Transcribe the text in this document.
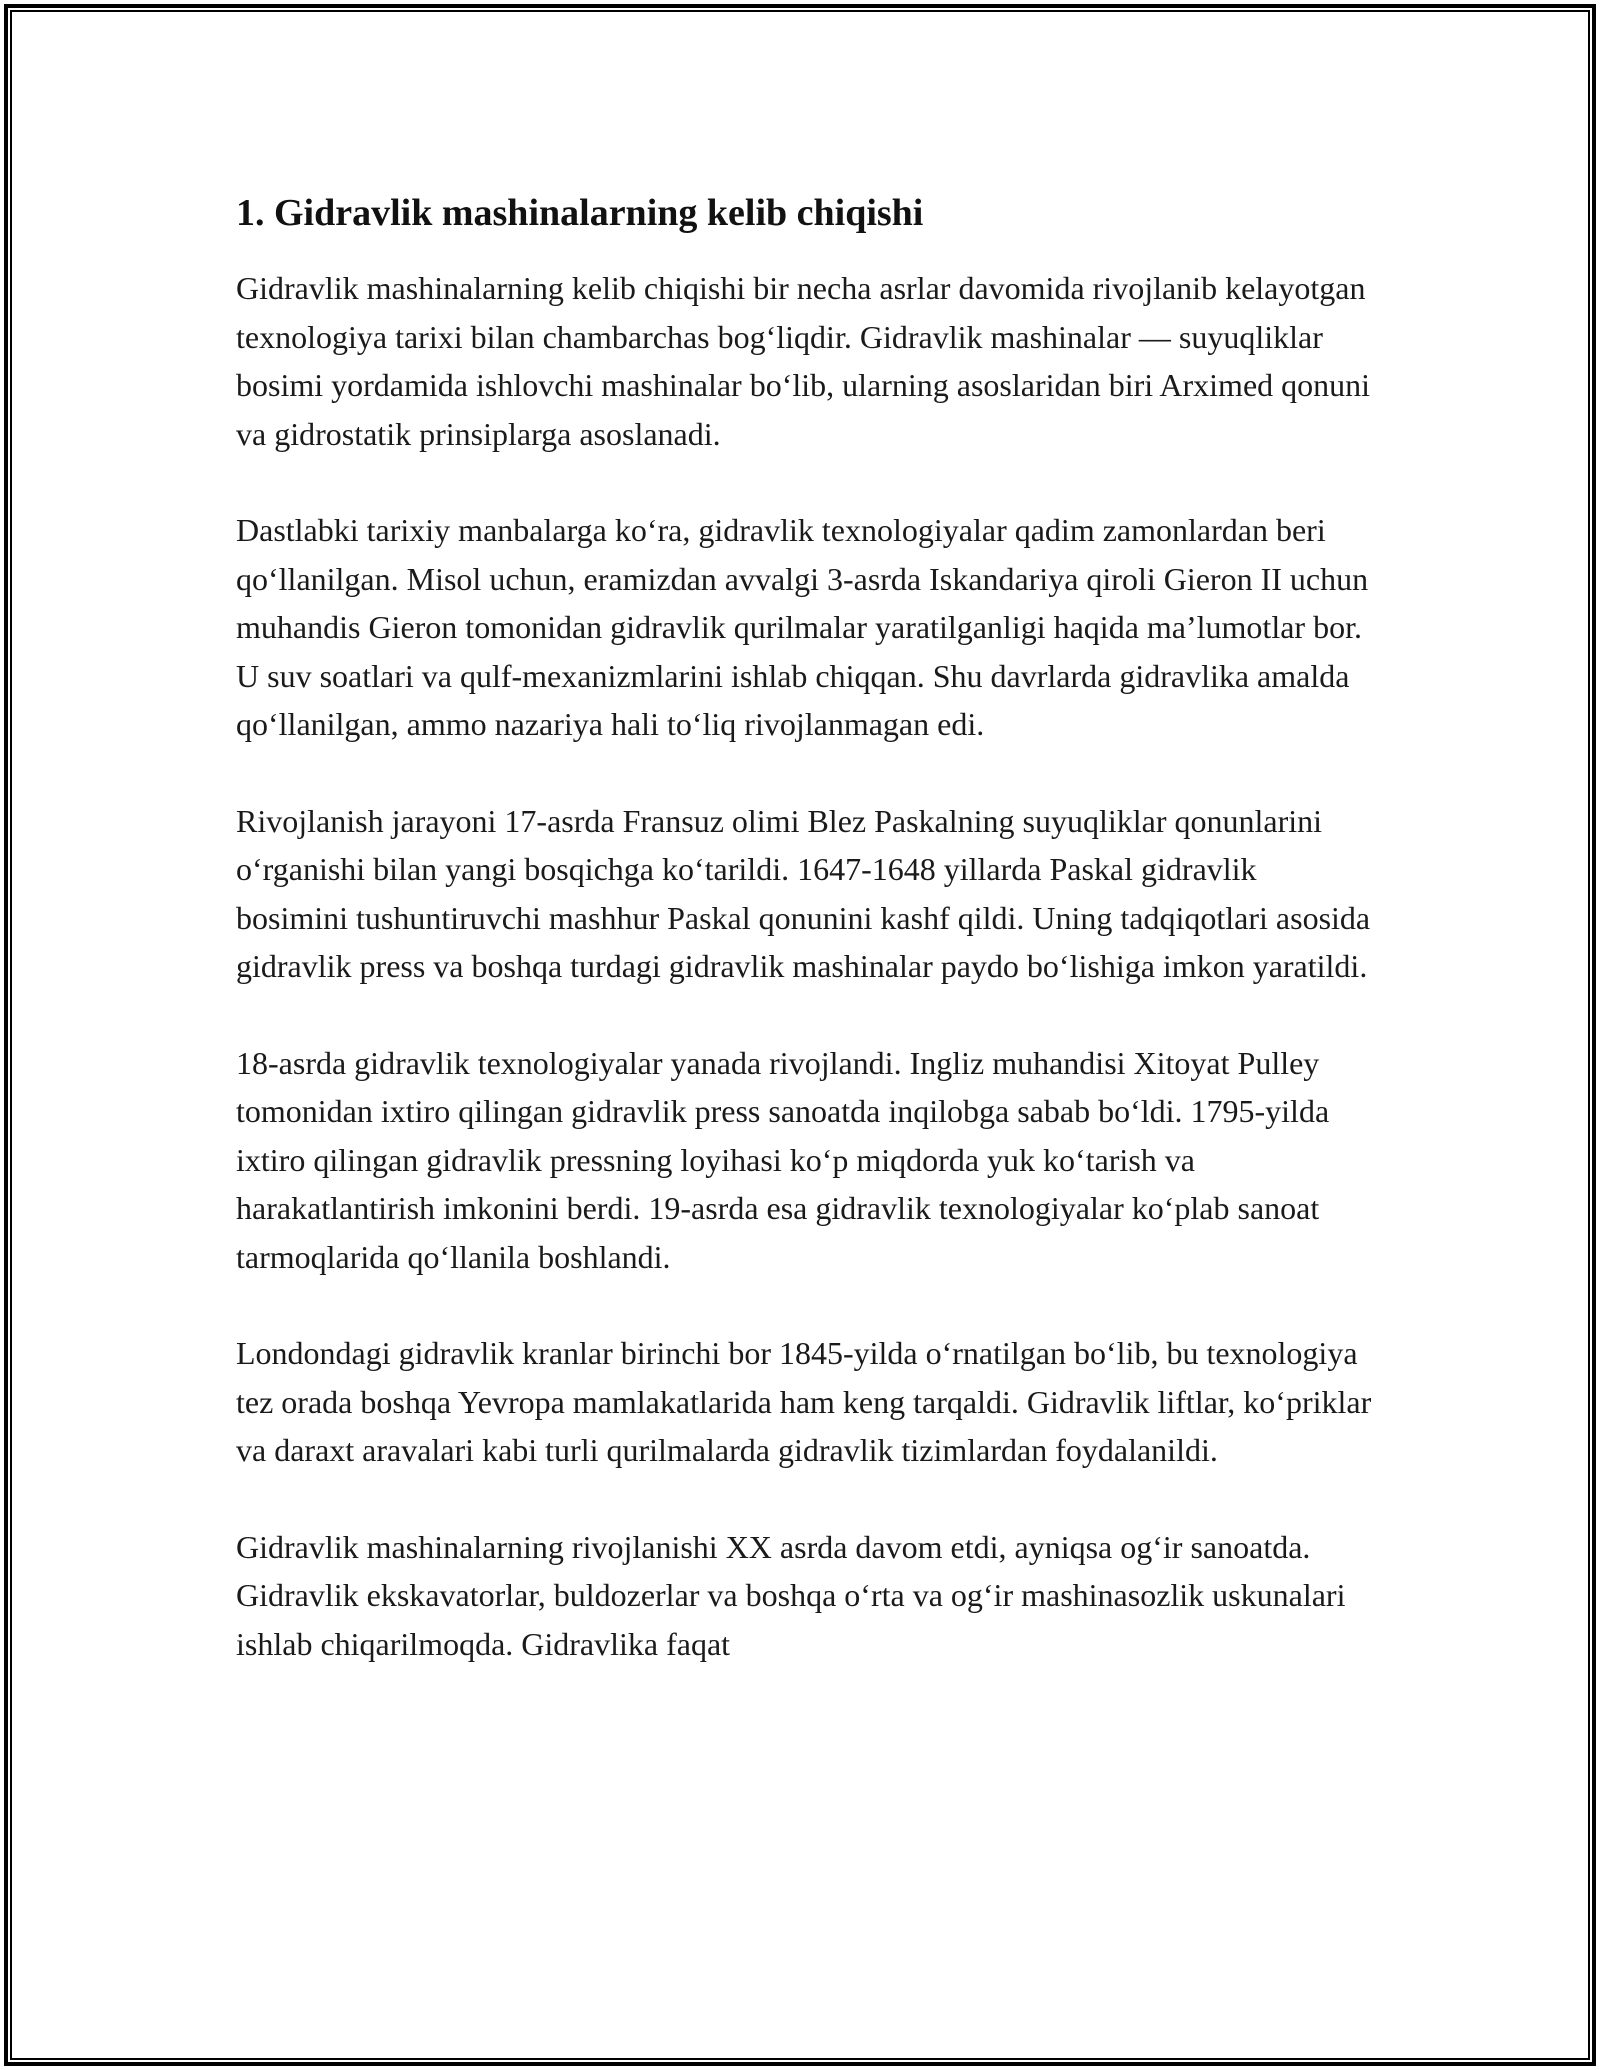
1. Gidravlik mashinalarning kelib chiqishi

Gidravlik mashinalarning kelib chiqishi bir necha asrlar davomida rivojlanib kelayotgan texnologiya tarixi bilan chambarchas bog‘liqdir. Gidravlik mashinalar — suyuqliklar bosimi yordamida ishlovchi mashinalar bo‘lib, ularning asoslaridan biri Arximed qonuni va gidrostatik prinsiplarga asoslanadi.

Dastlabki tarixiy manbalarga ko‘ra, gidravlik texnologiyalar qadim zamonlardan beri qo‘llanilgan. Misol uchun, eramizdan avvalgi 3-asrda Iskandariya qiroli Gieron II uchun muhandis Gieron tomonidan gidravlik qurilmalar yaratilganligi haqida ma’lumotlar bor. U suv soatlari va qulf-mexanizmlarini ishlab chiqqan. Shu davrlarda gidravlika amalda qo‘llanilgan, ammo nazariya hali to‘liq rivojlanmagan edi.

Rivojlanish jarayoni 17-asrda Fransuz olimi Blez Paskalning suyuqliklar qonunlarini o‘rganishi bilan yangi bosqichga ko‘tarildi. 1647-1648 yillarda Paskal gidravlik bosimini tushuntiruvchi mashhur Paskal qonunini kashf qildi. Uning tadqiqotlari asosida gidravlik press va boshqa turdagi gidravlik mashinalar paydo bo‘lishiga imkon yaratildi.

18-asrda gidravlik texnologiyalar yanada rivojlandi. Ingliz muhandisi Xitoyat Pulley tomonidan ixtiro qilingan gidravlik press sanoatda inqilobga sabab bo‘ldi. 1795-yilda ixtiro qilingan gidravlik pressning loyihasi ko‘p miqdorda yuk ko‘tarish va harakatlantirish imkonini berdi. 19-asrda esa gidravlik texnologiyalar ko‘plab sanoat tarmoqlarida qo‘llanila boshlandi.

Londondagi gidravlik kranlar birinchi bor 1845-yilda o‘rnatilgan bo‘lib, bu texnologiya tez orada boshqa Yevropa mamlakatlarida ham keng tarqaldi. Gidravlik liftlar, ko‘priklar va daraxt aravalari kabi turli qurilmalarda gidravlik tizimlardan foydalanildi.

Gidravlik mashinalarning rivojlanishi XX asrda davom etdi, ayniqsa og‘ir sanoatda. Gidravlik ekskavatorlar, buldozerlar va boshqa o‘rta va og‘ir mashinasozlik uskunalari ishlab chiqarilmoqda. Gidravlika faqat
